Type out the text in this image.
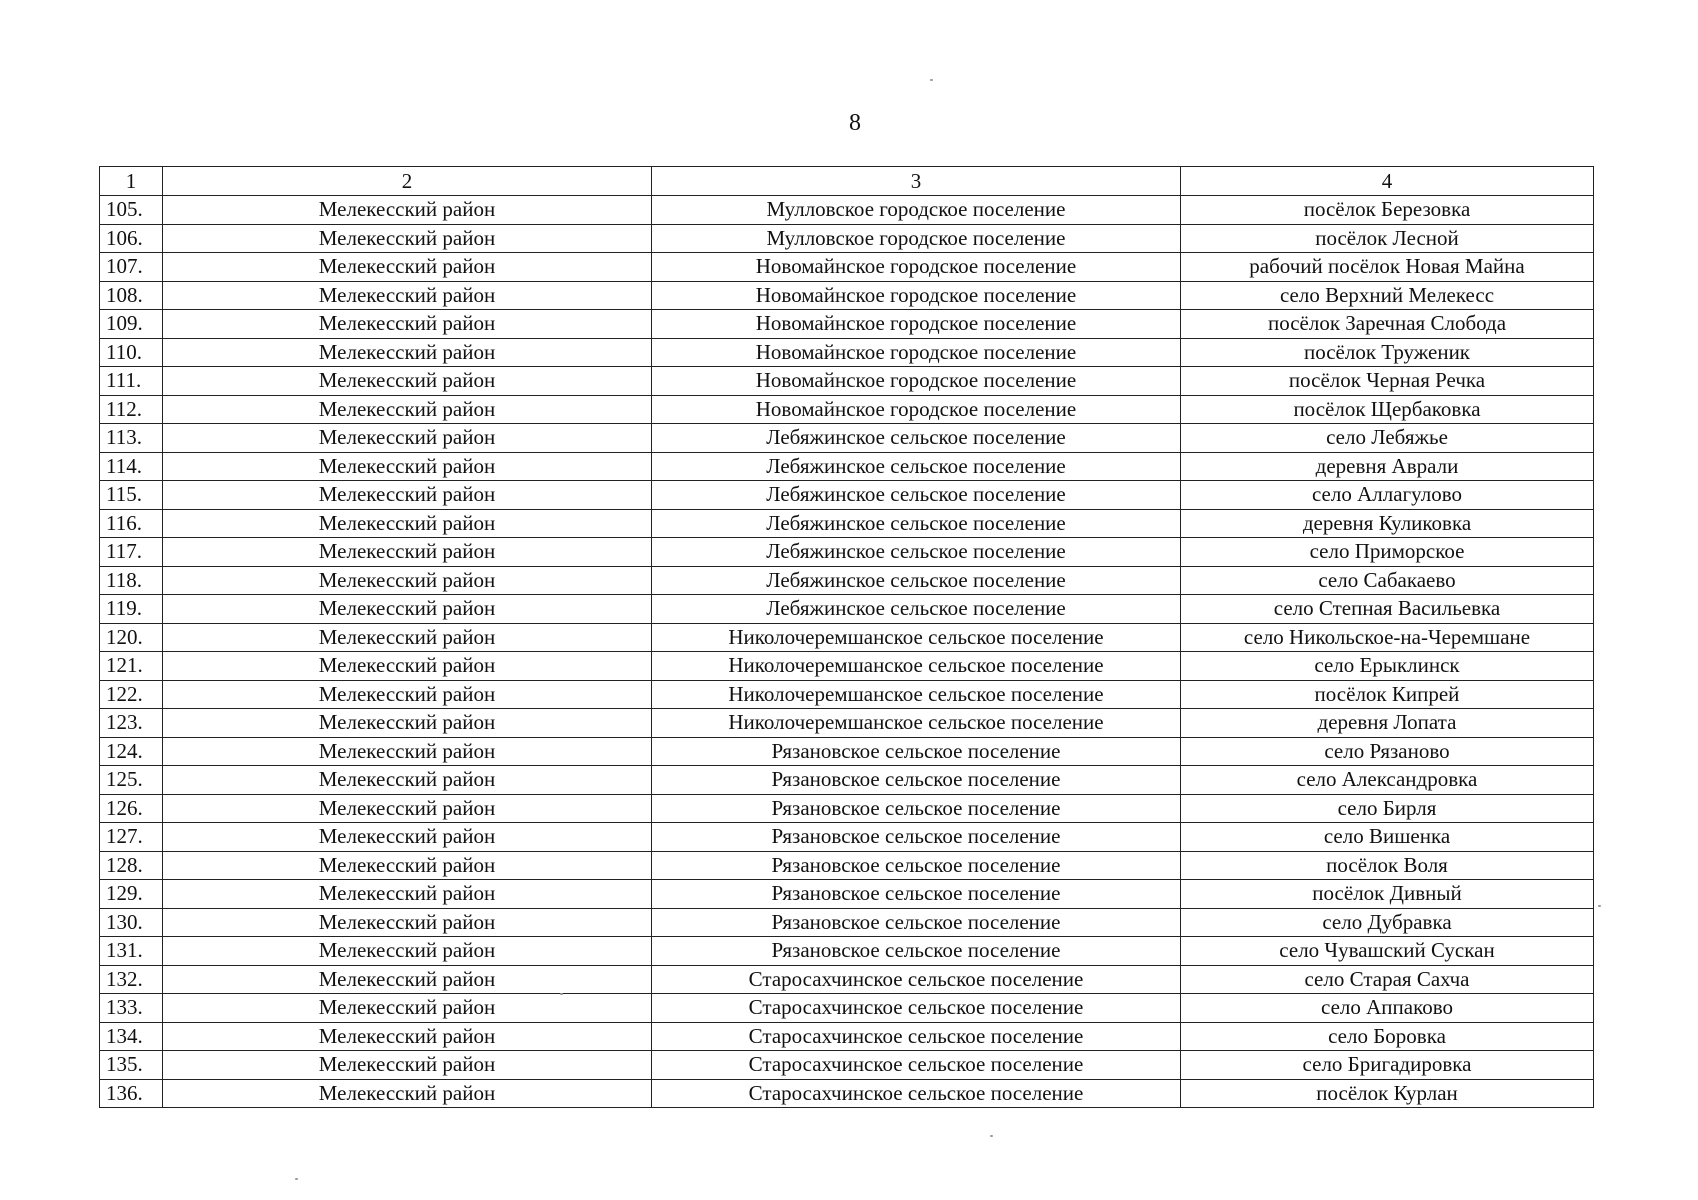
8
1	2	3	4
105.	Мелекесский район	Мулловское городское поселение	посёлок Березовка
106.	Мелекесский район	Мулловское городское поселение	посёлок Лесной
107.	Мелекесский район	Новомайнское городское поселение	рабочий посёлок Новая Майна
108.	Мелекесский район	Новомайнское городское поселение	село Верхний Мелекесс
109.	Мелекесский район	Новомайнское городское поселение	посёлок Заречная Слобода
110.	Мелекесский район	Новомайнское городское поселение	посёлок Труженик
111.	Мелекесский район	Новомайнское городское поселение	посёлок Черная Речка
112.	Мелекесский район	Новомайнское городское поселение	посёлок Щербаковка
113.	Мелекесский район	Лебяжинское сельское поселение	село Лебяжье
114.	Мелекесский район	Лебяжинское сельское поселение	деревня Аврали
115.	Мелекесский район	Лебяжинское сельское поселение	село Аллагулово
116.	Мелекесский район	Лебяжинское сельское поселение	деревня Куликовка
117.	Мелекесский район	Лебяжинское сельское поселение	село Приморское
118.	Мелекесский район	Лебяжинское сельское поселение	село Сабакаево
119.	Мелекесский район	Лебяжинское сельское поселение	село Степная Васильевка
120.	Мелекесский район	Николочеремшанское сельское поселение	село Никольское-на-Черемшане
121.	Мелекесский район	Николочеремшанское сельское поселение	село Ерыклинск
122.	Мелекесский район	Николочеремшанское сельское поселение	посёлок Кипрей
123.	Мелекесский район	Николочеремшанское сельское поселение	деревня Лопата
124.	Мелекесский район	Рязановское сельское поселение	село Рязаново
125.	Мелекесский район	Рязановское сельское поселение	село Александровка
126.	Мелекесский район	Рязановское сельское поселение	село Бирля
127.	Мелекесский район	Рязановское сельское поселение	село Вишенка
128.	Мелекесский район	Рязановское сельское поселение	посёлок Воля
129.	Мелекесский район	Рязановское сельское поселение	посёлок Дивный
130.	Мелекесский район	Рязановское сельское поселение	село Дубравка
131.	Мелекесский район	Рязановское сельское поселение	село Чувашский Сускан
132.	Мелекесский район	Старосахчинское сельское поселение	село Старая Сахча
133.	Мелекесский район	Старосахчинское сельское поселение	село Аппаково
134.	Мелекесский район	Старосахчинское сельское поселение	село Боровка
135.	Мелекесский район	Старосахчинское сельское поселение	село Бригадировка
136.	Мелекесский район	Старосахчинское сельское поселение	посёлок Курлан
